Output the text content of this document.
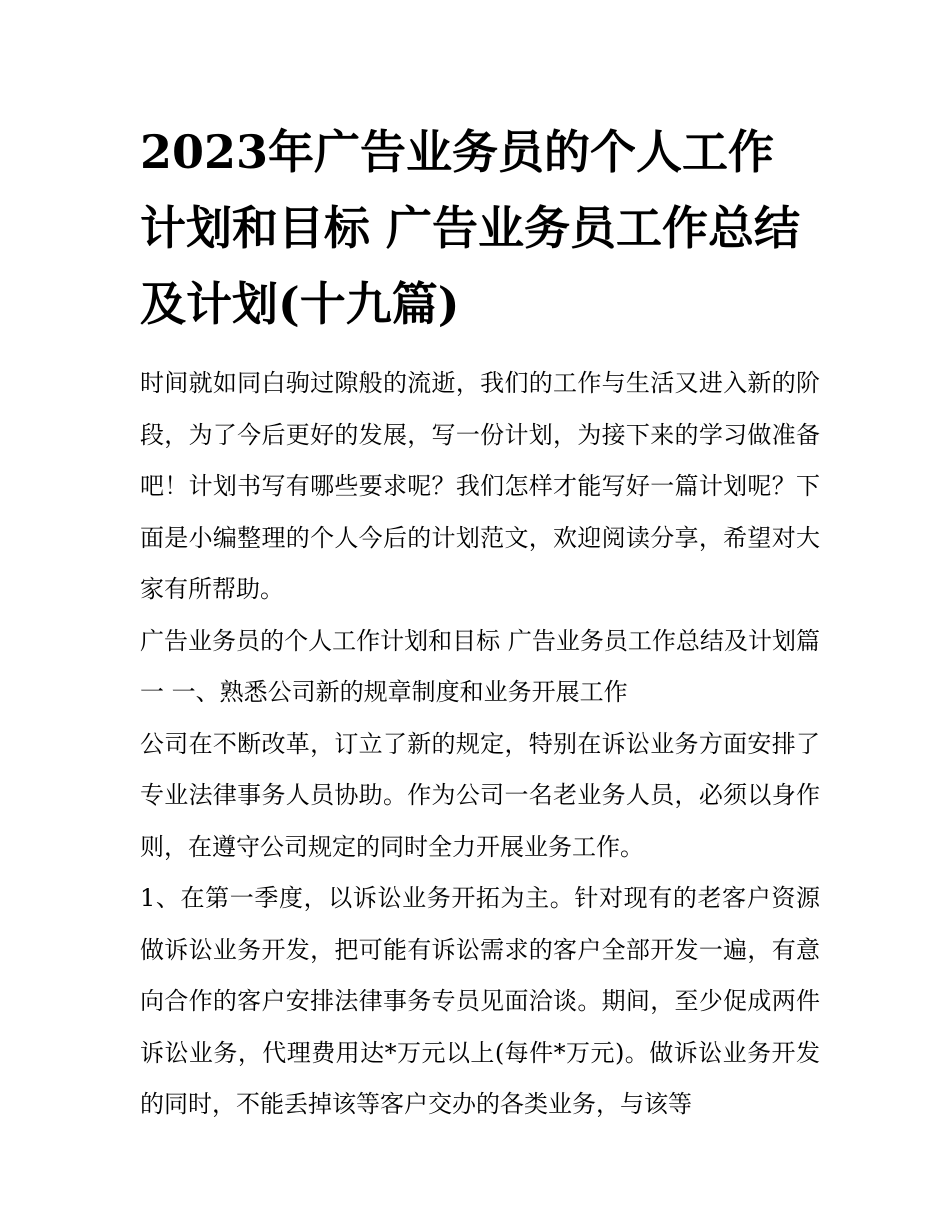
2023年广告业务员的个人工作计划和目标 广告业务员工作总结及计划(十九篇)

时间就如同白驹过隙般的流逝，我们的工作与生活又进入新的阶段，为了今后更好的发展，写一份计划，为接下来的学习做准备吧！计划书写有哪些要求呢？我们怎样才能写好一篇计划呢？下面是小编整理的个人今后的计划范文，欢迎阅读分享，希望对大家有所帮助。

广告业务员的个人工作计划和目标 广告业务员工作总结及计划篇一 一、熟悉公司新的规章制度和业务开展工作

公司在不断改革，订立了新的规定，特别在诉讼业务方面安排了专业法律事务人员协助。作为公司一名老业务人员，必须以身作则，在遵守公司规定的同时全力开展业务工作。

1、在第一季度，以诉讼业务开拓为主。针对现有的老客户资源做诉讼业务开发，把可能有诉讼需求的客户全部开发一遍，有意向合作的客户安排法律事务专员见面洽谈。期间，至少促成两件诉讼业务，代理费用达*万元以上(每件*万元)。做诉讼业务开发的同时，不能丢掉该等客户交办的各类业务，与该等
